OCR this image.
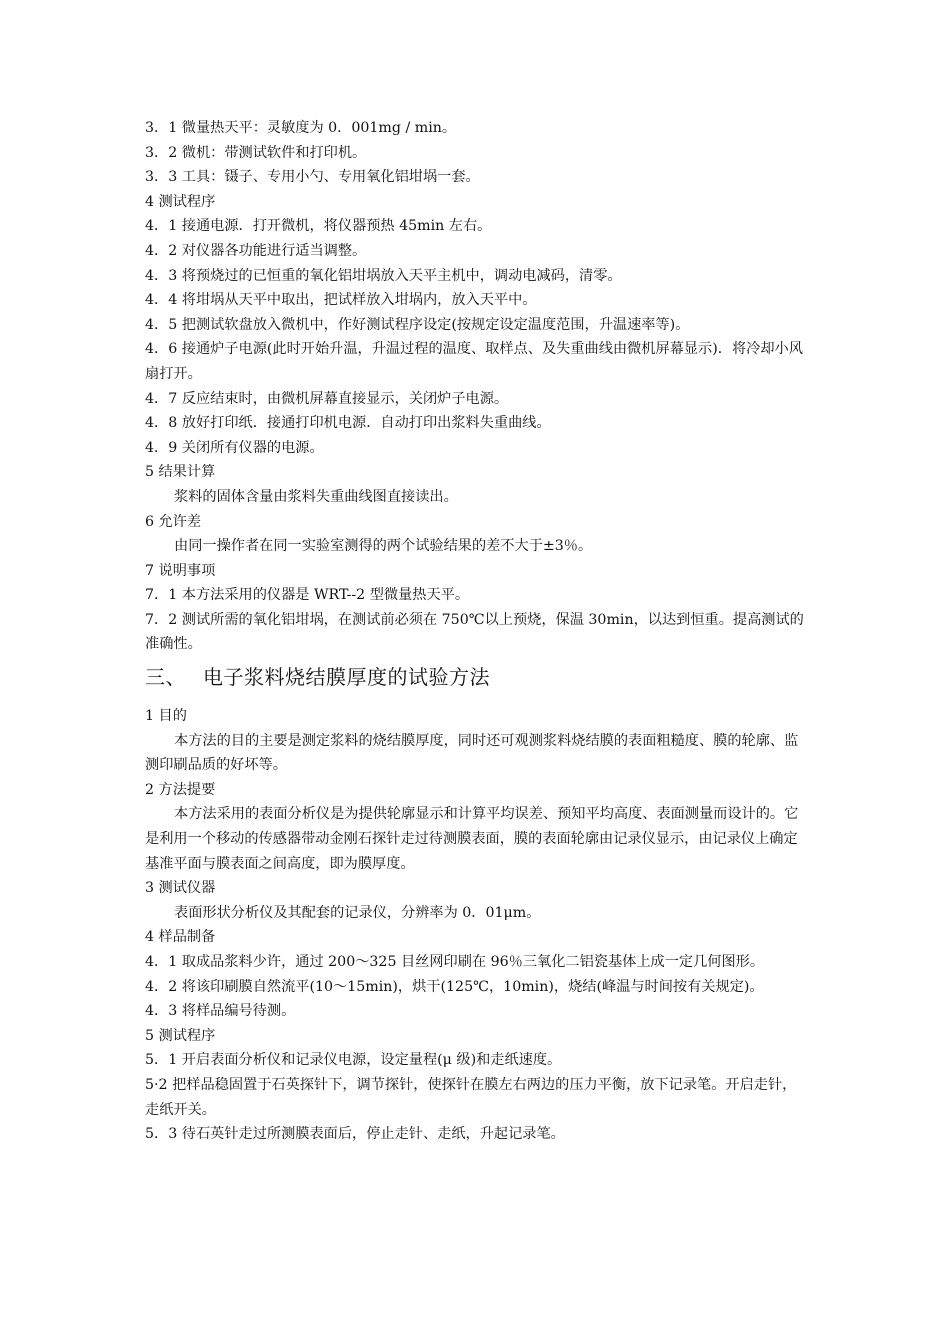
3．1 微量热天平：灵敏度为 0．001mg / min。

3．2 微机：带测试软件和打印机。

3．3 工具：镊子、专用小勺、专用氧化铝坩埚一套。

4 测试程序

4．1 接通电源．打开微机，将仪器预热 45min 左右。

4．2 对仪器各功能进行适当调整。

4．3 将预烧过的已恒重的氧化铝坩埚放入天平主机中，调动电减码，清零。

4．4 将坩埚从天平中取出，把试样放入坩埚内，放入天平中。

4．5 把测试软盘放入微机中，作好测试程序设定(按规定设定温度范围，升温速率等)。

4．6 接通炉子电源(此时开始升温，升温过程的温度、取样点、及失重曲线由微机屏幕显示)．将冷却小风扇打开。

4．7 反应结束时，由微机屏幕直接显示，关闭炉子电源。

4．8 放好打印纸．接通打印机电源．自动打印出浆料失重曲线。

4．9 关闭所有仪器的电源。

5 结果计算

浆料的固体含量由浆料失重曲线图直接读出。

6 允许差

由同一操作者在同一实验室测得的两个试验结果的差不大于±3％。

7 说明事项

7．1 本方法采用的仪器是 WRT--2 型微量热天平。

7．2 测试所需的氧化铝坩埚，在测试前必须在 750℃以上预烧，保温 30min，以达到恒重。提高测试的准确性。

三、 电子浆料烧结膜厚度的试验方法

1 目的

本方法的目的主要是测定浆料的烧结膜厚度，同时还可观测浆料烧结膜的表面粗糙度、膜的轮廓、监测印刷品质的好坏等。

2 方法提要

本方法采用的表面分析仪是为提供轮廓显示和计算平均误差、预知平均高度、表面测量而设计的。它是利用一个移动的传感器带动金刚石探针走过待测膜表面，膜的表面轮廓由记录仪显示，由记录仪上确定基准平面与膜表面之间高度，即为膜厚度。

3 测试仪器

表面形状分析仪及其配套的记录仪，分辨率为 0．01μm。

4 样品制备

4．1 取成品浆料少许，通过 200～325 目丝网印刷在 96％三氧化二铝瓷基体上成一定几何图形。

4．2 将该印刷膜自然流平(10～15min)，烘干(125℃，10min)，烧结(峰温与时间按有关规定)。

4．3 将样品编号待测。

5 测试程序

5．1 开启表面分析仪和记录仪电源，设定量程(μ 级)和走纸速度。

5·2 把样品稳固置于石英探针下，调节探针，使探针在膜左右两边的压力平衡，放下记录笔。开启走针，走纸开关。

5．3 待石英针走过所测膜表面后，停止走针、走纸，升起记录笔。
